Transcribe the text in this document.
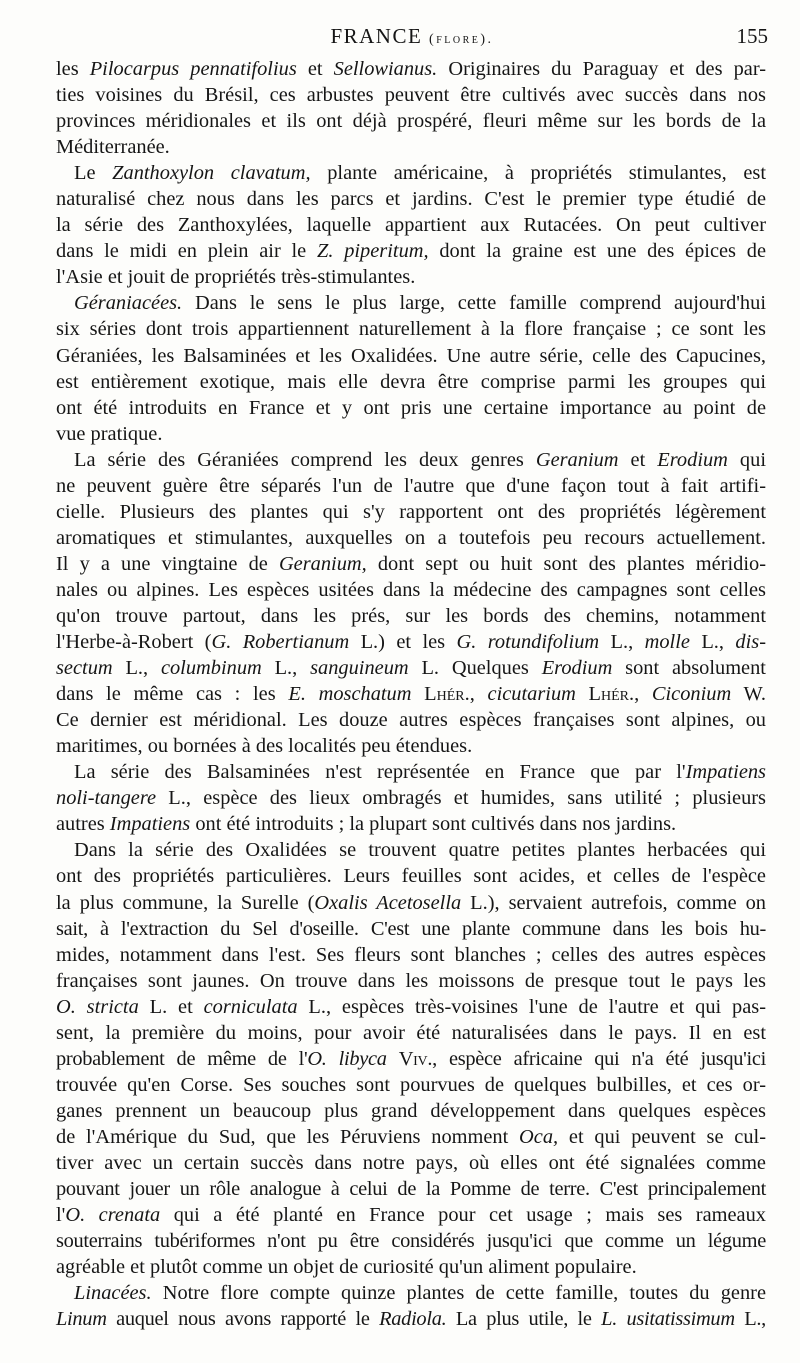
FRANCE (flore).	155
les Pilocarpus pennatifolius et Sellowianus. Originaires du Paraguay et des par-
ties voisines du Brésil, ces arbustes peuvent être cultivés avec succès dans nos
provinces méridionales et ils ont déjà prospéré, fleuri même sur les bords de la
Méditerranée.
Le Zanthoxylon clavatum, plante américaine, à propriétés stimulantes, est
naturalisé chez nous dans les parcs et jardins. C'est le premier type étudié de
la série des Zanthoxylées, laquelle appartient aux Rutacées. On peut cultiver
dans le midi en plein air le Z. piperitum, dont la graine est une des épices de
l'Asie et jouit de propriétés très-stimulantes.
Géraniacées. Dans le sens le plus large, cette famille comprend aujourd'hui
six séries dont trois appartiennent naturellement à la flore française ; ce sont les
Géraniées, les Balsaminées et les Oxalidées. Une autre série, celle des Capucines,
est entièrement exotique, mais elle devra être comprise parmi les groupes qui
ont été introduits en France et y ont pris une certaine importance au point de
vue pratique.
La série des Géraniées comprend les deux genres Geranium et Erodium qui
ne peuvent guère être séparés l'un de l'autre que d'une façon tout à fait artifi-
cielle. Plusieurs des plantes qui s'y rapportent ont des propriétés légèrement
aromatiques et stimulantes, auxquelles on a toutefois peu recours actuellement.
Il y a une vingtaine de Geranium, dont sept ou huit sont des plantes méridio-
nales ou alpines. Les espèces usitées dans la médecine des campagnes sont celles
qu'on trouve partout, dans les prés, sur les bords des chemins, notamment
l'Herbe-à-Robert (G. Robertianum L.) et les G. rotundifolium L., molle L., dis-
sectum L., columbinum L., sanguineum L. Quelques Erodium sont absolument
dans le même cas : les E. moschatum Lhér., cicutarium Lhér., Ciconium W.
Ce dernier est méridional. Les douze autres espèces françaises sont alpines, ou
maritimes, ou bornées à des localités peu étendues.
La série des Balsaminées n'est représentée en France que par l'Impatiens
noli-tangere L., espèce des lieux ombragés et humides, sans utilité ; plusieurs
autres Impatiens ont été introduits ; la plupart sont cultivés dans nos jardins.
Dans la série des Oxalidées se trouvent quatre petites plantes herbacées qui
ont des propriétés particulières. Leurs feuilles sont acides, et celles de l'espèce
la plus commune, la Surelle (Oxalis Acetosella L.), servaient autrefois, comme on
sait, à l'extraction du Sel d'oseille. C'est une plante commune dans les bois hu-
mides, notamment dans l'est. Ses fleurs sont blanches ; celles des autres espèces
françaises sont jaunes. On trouve dans les moissons de presque tout le pays les
O. stricta L. et corniculata L., espèces très-voisines l'une de l'autre et qui pas-
sent, la première du moins, pour avoir été naturalisées dans le pays. Il en est
probablement de même de l'O. libyca Viv., espèce africaine qui n'a été jusqu'ici
trouvée qu'en Corse. Ses souches sont pourvues de quelques bulbilles, et ces or-
ganes prennent un beaucoup plus grand développement dans quelques espèces
de l'Amérique du Sud, que les Péruviens nomment Oca, et qui peuvent se cul-
tiver avec un certain succès dans notre pays, où elles ont été signalées comme
pouvant jouer un rôle analogue à celui de la Pomme de terre. C'est principalement
l'O. crenata qui a été planté en France pour cet usage ; mais ses rameaux
souterrains tubériformes n'ont pu être considérés jusqu'ici que comme un légume
agréable et plutôt comme un objet de curiosité qu'un aliment populaire.
Linacées. Notre flore compte quinze plantes de cette famille, toutes du genre
Linum auquel nous avons rapporté le Radiola. La plus utile, le L. usitatissimum L.,
